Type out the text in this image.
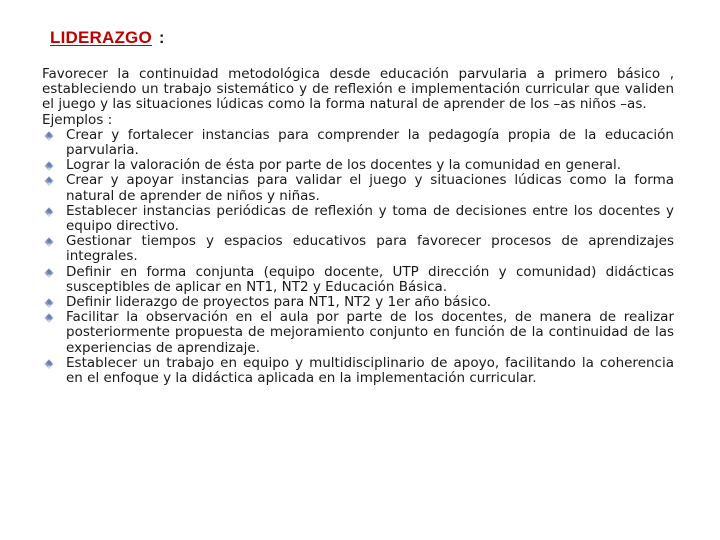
LIDERAZGO :

Favorecer la continuidad metodológica desde educación parvularia a primero básico , estableciendo un trabajo sistemático y de reflexión e implementación curricular que validen el juego y las situaciones lúdicas como la forma natural de aprender de los –as niños –as.

Ejemplos :

Crear y fortalecer instancias para comprender la pedagogía propia de la educación parvularia.
Lograr la valoración de ésta por parte de los docentes y la comunidad en general.
Crear y apoyar instancias para validar el juego y situaciones lúdicas como la forma natural de aprender de niños y niñas.
Establecer instancias periódicas de reflexión y toma de decisiones entre los docentes y equipo directivo.
Gestionar tiempos y espacios educativos para favorecer procesos de aprendizajes integrales.
Definir en forma conjunta (equipo docente, UTP dirección y comunidad) didácticas susceptibles de aplicar en NT1, NT2 y Educación Básica.
Definir liderazgo de proyectos para NT1, NT2 y 1er año básico.
Facilitar la observación en el aula por parte de los docentes, de manera de realizar posteriormente propuesta de mejoramiento conjunto en función de la continuidad de las experiencias de aprendizaje.
Establecer un trabajo en equipo y multidisciplinario de apoyo, facilitando la coherencia en el enfoque y la didáctica aplicada en la implementación curricular.
